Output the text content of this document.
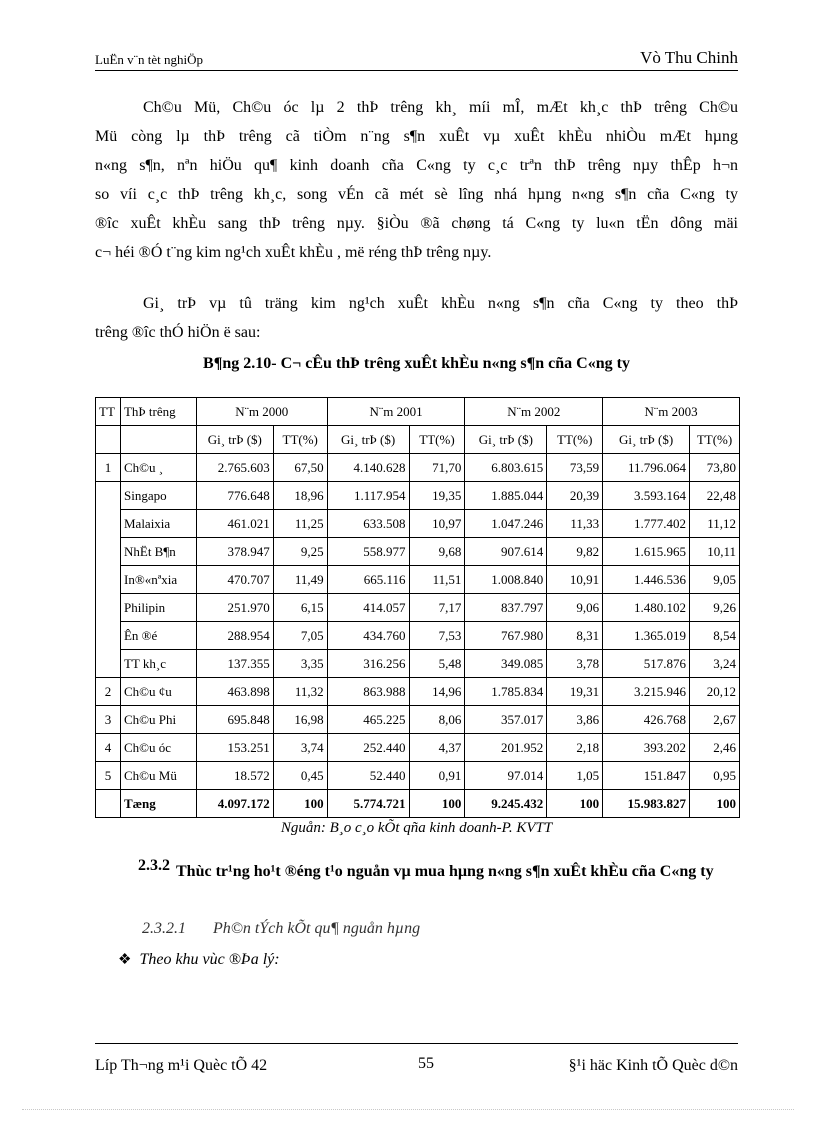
LuËn v¨n tèt nghiÖp	Vò Thu Chinh
Ch©u Mü, Ch©u óc lµ 2 thÞ trêng kh¸ míi mÎ, mÆt kh¸c thÞ trêng Ch©u
Mü còng lµ thÞ trêng cã tiÒm n¨ng s¶n xuÊt vµ xuÊt khÈu nhiÒu mÆt hµng
n«ng s¶n, nªn hiÖu qu¶ kinh doanh cña C«ng ty c¸c trªn thÞ trêng nµy thÊp h¬n
so víi c¸c thÞ trêng kh¸c, song vÉn cã mét sè lîng nhá hµng n«ng s¶n cña C«ng ty
®îc xuÊt khÈu sang thÞ trêng nµy. §iÒu ®ã chøng tá C«ng ty lu«n tËn dông mäi
c¬ héi ®Ó t¨ng kim ng¹ch xuÊt khÈu , më réng thÞ trêng nµy.
Gi¸ trÞ vµ tû träng kim ng¹ch xuÊt khÈu n«ng s¶n cña C«ng ty theo thÞ
trêng ®îc thÓ hiÖn ë sau:
B¶ng 2.10- C¬ cÊu thÞ trêng xuÊt khÈu n«ng s¶n cña C«ng ty
TT	ThÞ trêng	N¨m 2000		N¨m 2001		N¨m 2002		N¨m 2003	
		Gi¸ trÞ ($)	TT(%)	Gi¸ trÞ ($)	TT(%)	Gi¸ trÞ ($)	TT(%)	Gi¸ trÞ ($)	TT(%)
1	Ch©u ¸	2.765.603	67,50	4.140.628	71,70	6.803.615	73,59	11.796.064	73,80
	Singapo	776.648	18,96	1.117.954	19,35	1.885.044	20,39	3.593.164	22,48
	Malaixia	461.021	11,25	633.508	10,97	1.047.246	11,33	1.777.402	11,12
	NhËt B¶n	378.947	9,25	558.977	9,68	907.614	9,82	1.615.965	10,11
	In®«nªxia	470.707	11,49	665.116	11,51	1.008.840	10,91	1.446.536	9,05
	Philipin	251.970	6,15	414.057	7,17	837.797	9,06	1.480.102	9,26
	Ên ®é	288.954	7,05	434.760	7,53	767.980	8,31	1.365.019	8,54
	TT kh¸c	137.355	3,35	316.256	5,48	349.085	3,78	517.876	3,24
2	Ch©u ¢u	463.898	11,32	863.988	14,96	1.785.834	19,31	3.215.946	20,12
3	Ch©u Phi	695.848	16,98	465.225	8,06	357.017	3,86	426.768	2,67
4	Ch©u óc	153.251	3,74	252.440	4,37	201.952	2,18	393.202	2,46
5	Ch©u Mü	18.572	0,45	52.440	0,91	97.014	1,05	151.847	0,95
	Tæng	4.097.172	100	5.774.721	100	9.245.432	100	15.983.827	100
Nguån: B¸o c¸o kÕt qña kinh doanh-P. KVTT
2.3.2 Thùc tr¹ng ho¹t ®éng t¹o nguån vµ mua hµng n«ng s¶n xuÊt khÈu cña C«ng ty
2.3.2.1 Ph©n tÝch kÕt qu¶ nguån hµng
❖ Theo khu vùc ®Þa lý:
Líp Th¬ng m¹i Quèc tÕ 42	55	§¹i häc Kinh tÕ Quèc d©n
